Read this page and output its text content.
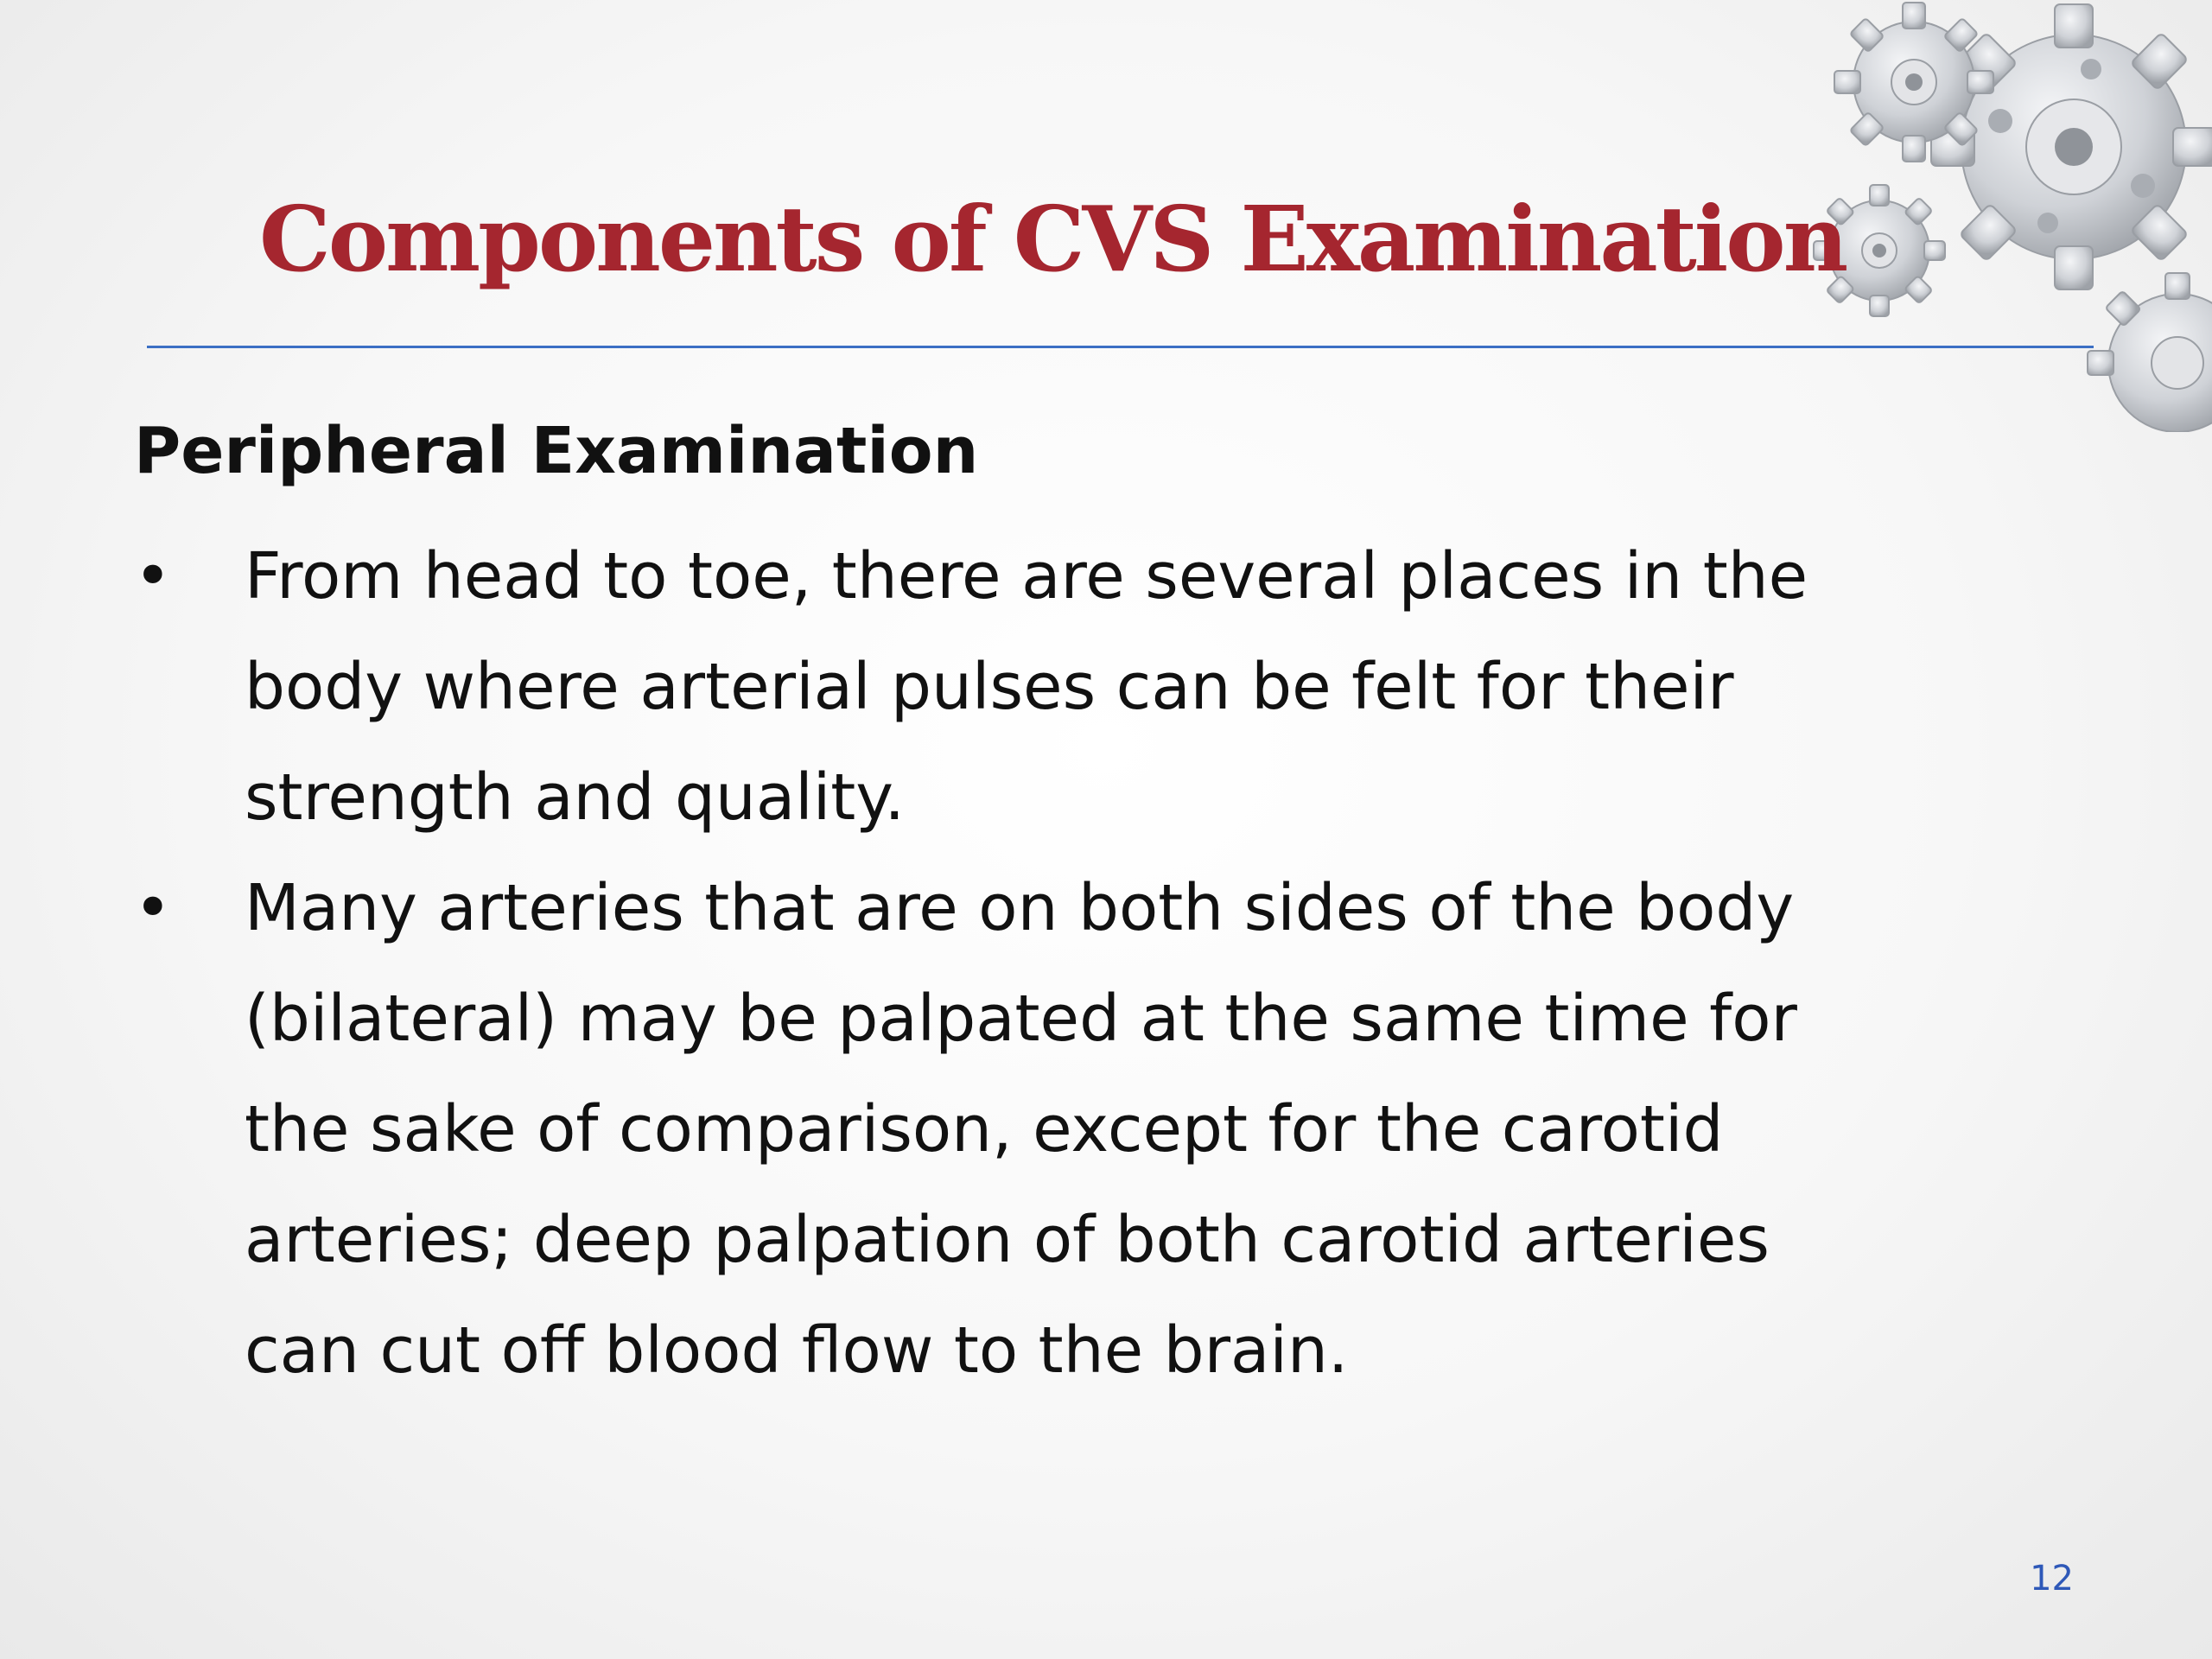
Components of CVS Examination
Peripheral Examination
•	From head to toe, there are several places in the
body where arterial pulses can be felt for their
strength and quality.
•	Many arteries that are on both sides of the body
(bilateral) may be palpated at the same time for
the sake of comparison, except for the carotid
arteries; deep palpation of both carotid arteries
can cut off blood flow to the brain.
12
